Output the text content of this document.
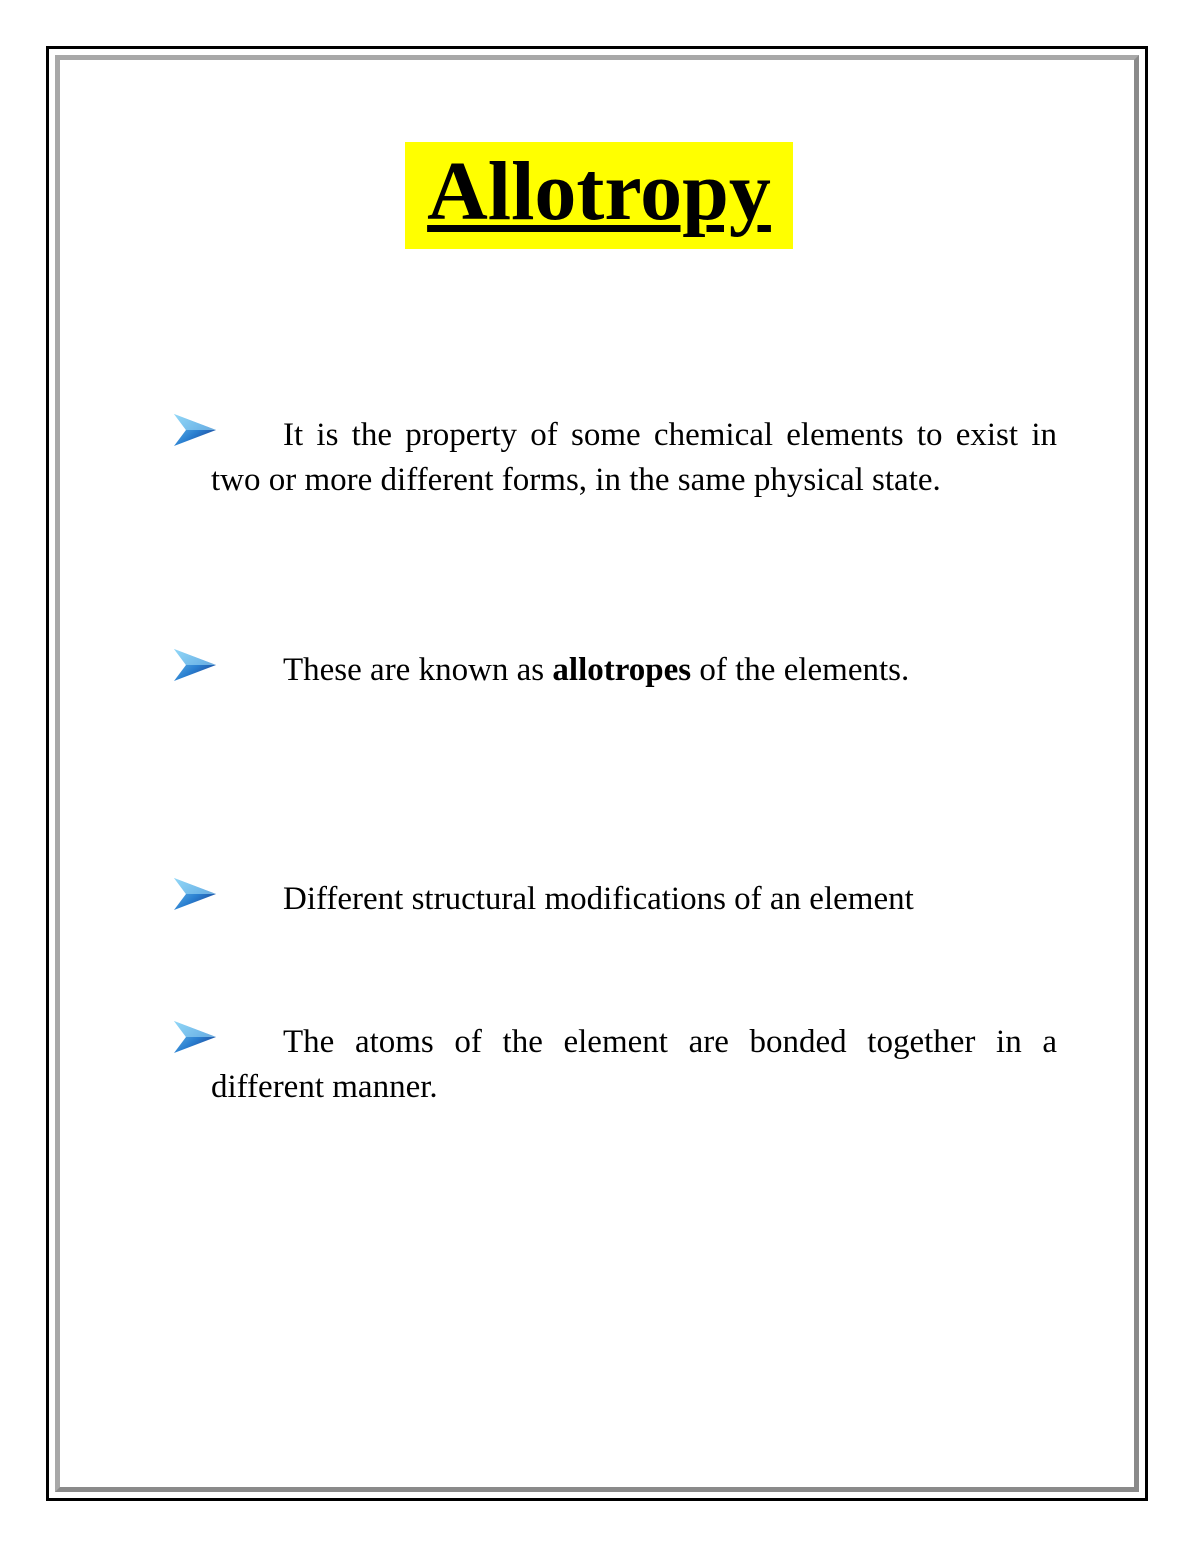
Allotropy

It is the property of some chemical elements to exist in two or more different forms, in the same physical state.

These are known as allotropes of the elements.

Different structural modifications of an element

The atoms of the element are bonded together in a different manner.
